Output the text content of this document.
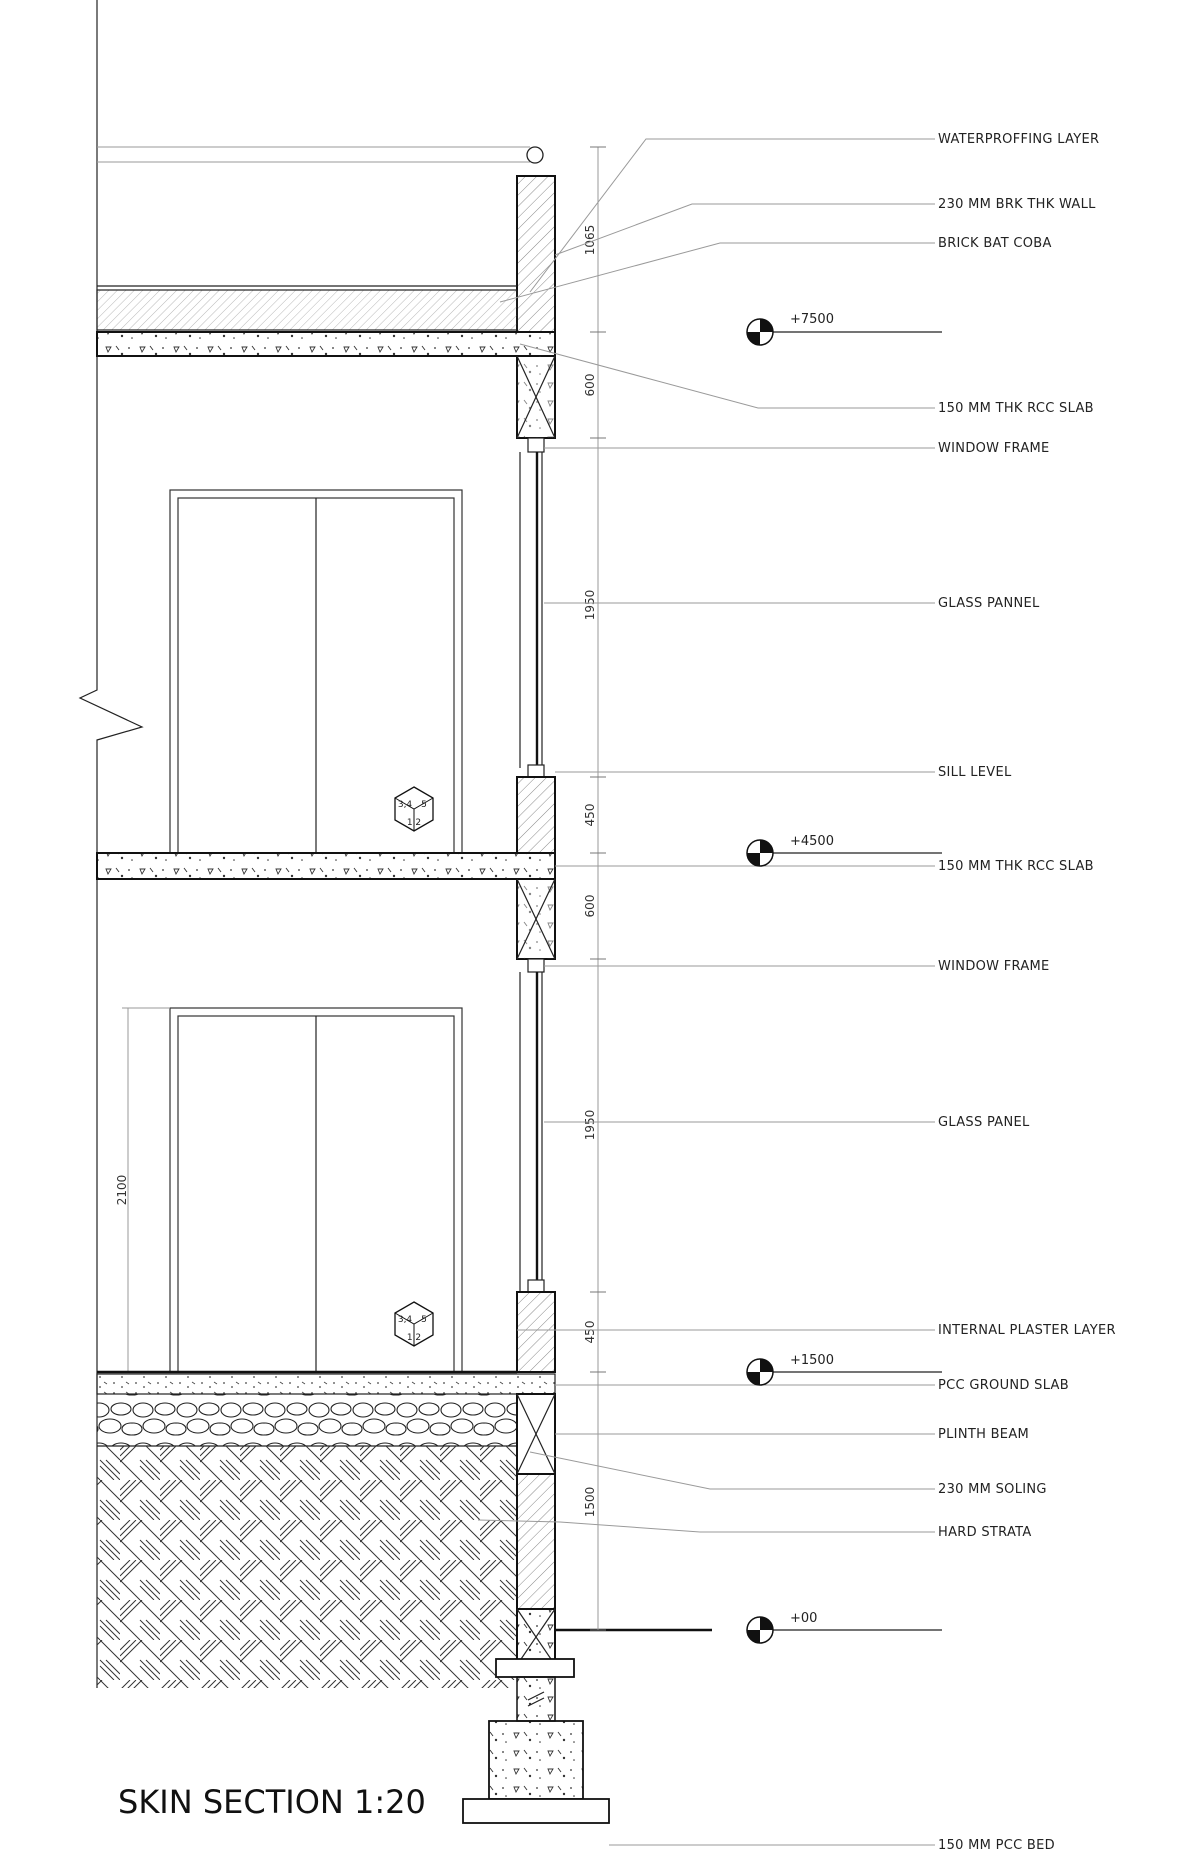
2100
1065
600
1950
450
600
1950
450
1500
WATERPROFFING LAYER
230 MM BRK THK WALL
BRICK BAT COBA
150 MM THK RCC SLAB
WINDOW FRAME
GLASS PANNEL
SILL LEVEL
150 MM THK RCC SLAB
WINDOW FRAME
GLASS PANEL
INTERNAL PLASTER LAYER
PCC GROUND SLAB
PLINTH BEAM
230 MM SOLING
HARD STRATA
150 MM PCC BED
+7500
+4500
+1500
+00
3,4 5
1,2
3,4 5
1,2
SKIN SECTION 1:20
